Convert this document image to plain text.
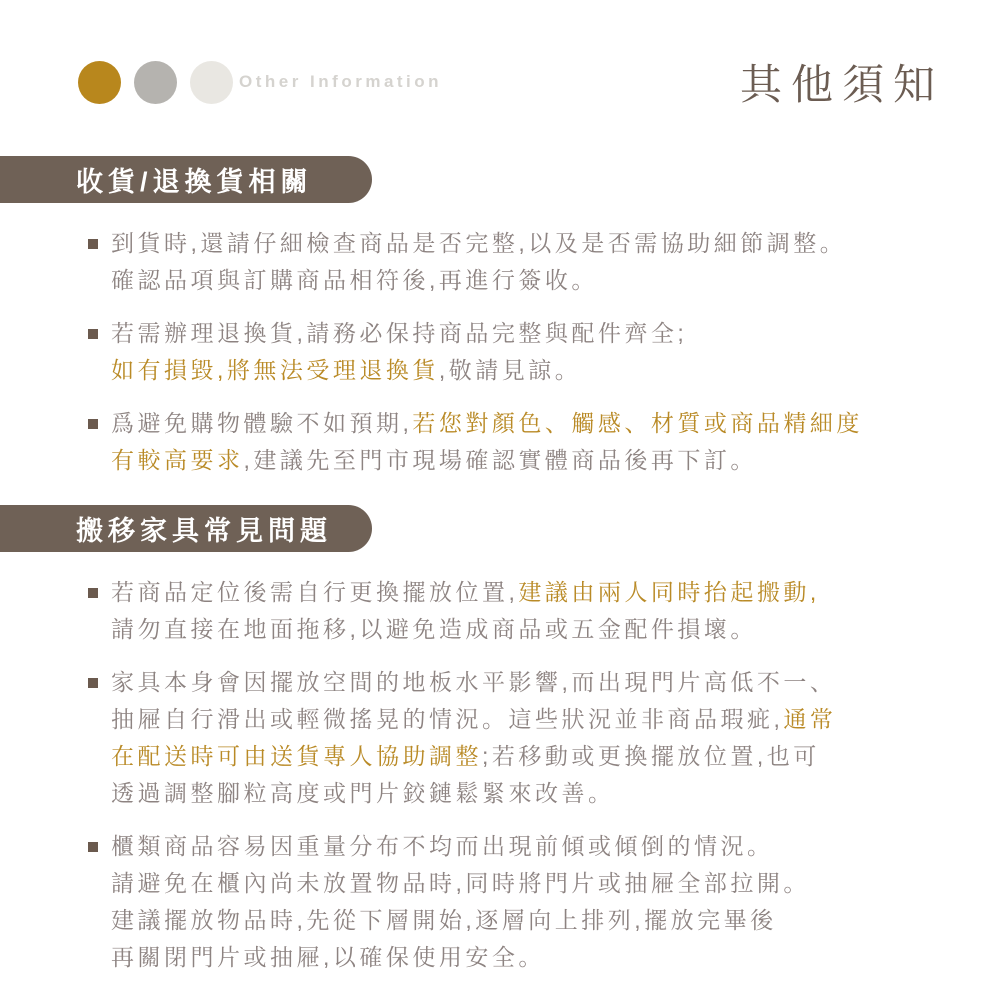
Other Information	其他須知
收貨/退換貨相關
到貨時,還請仔細檢查商品是否完整,以及是否需協助細節調整。
確認品項與訂購商品相符後,再進行簽收。
若需辦理退換貨,請務必保持商品完整與配件齊全;
如有損毀,將無法受理退換貨,敬請見諒。
爲避免購物體驗不如預期,若您對顏色、觸感、材質或商品精細度
有較高要求,建議先至門市現場確認實體商品後再下訂。
搬移家具常見問題
若商品定位後需自行更換擺放位置,建議由兩人同時抬起搬動,
請勿直接在地面拖移,以避免造成商品或五金配件損壞。
家具本身會因擺放空間的地板水平影響,而出現門片高低不一、
抽屜自行滑出或輕微搖晃的情況。這些狀況並非商品瑕疵,通常
在配送時可由送貨專人協助調整;若移動或更換擺放位置,也可
透過調整腳粒高度或門片鉸鏈鬆緊來改善。
櫃類商品容易因重量分布不均而出現前傾或傾倒的情況。
請避免在櫃內尚未放置物品時,同時將門片或抽屜全部拉開。
建議擺放物品時,先從下層開始,逐層向上排列,擺放完畢後
再關閉門片或抽屜,以確保使用安全。
